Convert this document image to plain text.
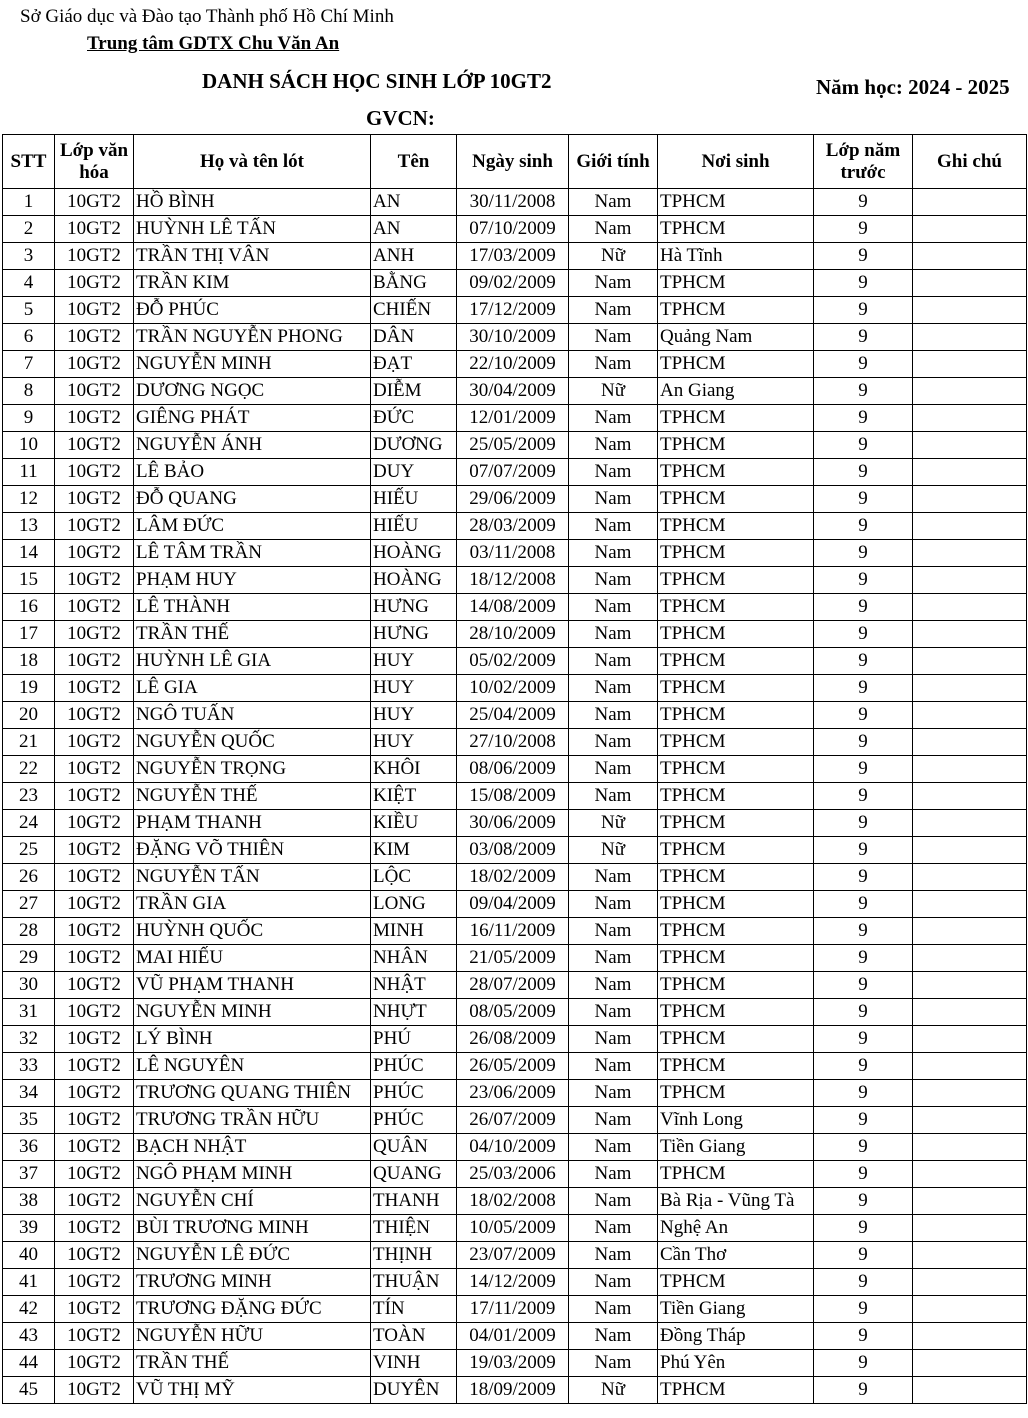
Sở Giáo dục và Đào tạo Thành phố Hồ Chí Minh
Trung tâm GDTX Chu Văn An
DANH SÁCH HỌC SINH LỚP 10GT2	Năm học: 2024 - 2025
GVCN:
STT	Lớp văn hóa	Họ và tên lót	Tên	Ngày sinh	Giới tính	Nơi sinh	Lớp năm trước	Ghi chú
1	10GT2	HỒ BÌNH	AN	30/11/2008	Nam	TPHCM	9	
2	10GT2	HUỲNH LÊ TẤN	AN	07/10/2009	Nam	TPHCM	9	
3	10GT2	TRẦN THỊ VÂN	ANH	17/03/2009	Nữ	Hà Tĩnh	9	
4	10GT2	TRẦN KIM	BẰNG	09/02/2009	Nam	TPHCM	9	
5	10GT2	ĐỖ PHÚC	CHIẾN	17/12/2009	Nam	TPHCM	9	
6	10GT2	TRẦN NGUYỄN PHONG	DÂN	30/10/2009	Nam	Quảng Nam	9	
7	10GT2	NGUYỄN MINH	ĐẠT	22/10/2009	Nam	TPHCM	9	
8	10GT2	DƯƠNG NGỌC	DIỄM	30/04/2009	Nữ	An Giang	9	
9	10GT2	GIÊNG PHÁT	ĐỨC	12/01/2009	Nam	TPHCM	9	
10	10GT2	NGUYỄN ÁNH	DƯƠNG	25/05/2009	Nam	TPHCM	9	
11	10GT2	LÊ BẢO	DUY	07/07/2009	Nam	TPHCM	9	
12	10GT2	ĐỖ QUANG	HIẾU	29/06/2009	Nam	TPHCM	9	
13	10GT2	LÂM ĐỨC	HIẾU	28/03/2009	Nam	TPHCM	9	
14	10GT2	LÊ TÂM TRẦN	HOÀNG	03/11/2008	Nam	TPHCM	9	
15	10GT2	PHẠM HUY	HOÀNG	18/12/2008	Nam	TPHCM	9	
16	10GT2	LÊ THÀNH	HƯNG	14/08/2009	Nam	TPHCM	9	
17	10GT2	TRẦN THẾ	HƯNG	28/10/2009	Nam	TPHCM	9	
18	10GT2	HUỲNH LÊ GIA	HUY	05/02/2009	Nam	TPHCM	9	
19	10GT2	LÊ GIA	HUY	10/02/2009	Nam	TPHCM	9	
20	10GT2	NGÔ TUẤN	HUY	25/04/2009	Nam	TPHCM	9	
21	10GT2	NGUYỄN QUỐC	HUY	27/10/2008	Nam	TPHCM	9	
22	10GT2	NGUYỄN TRỌNG	KHÔI	08/06/2009	Nam	TPHCM	9	
23	10GT2	NGUYỄN THẾ	KIỆT	15/08/2009	Nam	TPHCM	9	
24	10GT2	PHẠM THANH	KIỀU	30/06/2009	Nữ	TPHCM	9	
25	10GT2	ĐẶNG VÕ THIÊN	KIM	03/08/2009	Nữ	TPHCM	9	
26	10GT2	NGUYỄN TẤN	LỘC	18/02/2009	Nam	TPHCM	9	
27	10GT2	TRẦN GIA	LONG	09/04/2009	Nam	TPHCM	9	
28	10GT2	HUỲNH QUỐC	MINH	16/11/2009	Nam	TPHCM	9	
29	10GT2	MAI HIẾU	NHÂN	21/05/2009	Nam	TPHCM	9	
30	10GT2	VŨ PHẠM THANH	NHẬT	28/07/2009	Nam	TPHCM	9	
31	10GT2	NGUYỄN MINH	NHỰT	08/05/2009	Nam	TPHCM	9	
32	10GT2	LÝ BÌNH	PHÚ	26/08/2009	Nam	TPHCM	9	
33	10GT2	LÊ NGUYÊN	PHÚC	26/05/2009	Nam	TPHCM	9	
34	10GT2	TRƯƠNG QUANG THIÊN	PHÚC	23/06/2009	Nam	TPHCM	9	
35	10GT2	TRƯƠNG TRẦN HỮU	PHÚC	26/07/2009	Nam	Vĩnh Long	9	
36	10GT2	BẠCH NHẬT	QUÂN	04/10/2009	Nam	Tiền Giang	9	
37	10GT2	NGÔ PHẠM MINH	QUANG	25/03/2006	Nam	TPHCM	9	
38	10GT2	NGUYỄN CHÍ	THANH	18/02/2008	Nam	Bà Rịa - Vũng Tà	9	
39	10GT2	BÙI TRƯƠNG MINH	THIỆN	10/05/2009	Nam	Nghệ An	9	
40	10GT2	NGUYỄN LÊ ĐỨC	THỊNH	23/07/2009	Nam	Cần Thơ	9	
41	10GT2	TRƯƠNG MINH	THUẬN	14/12/2009	Nam	TPHCM	9	
42	10GT2	TRƯƠNG ĐẶNG ĐỨC	TÍN	17/11/2009	Nam	Tiền Giang	9	
43	10GT2	NGUYỄN HỮU	TOÀN	04/01/2009	Nam	Đồng Tháp	9	
44	10GT2	TRẦN THẾ	VINH	19/03/2009	Nam	Phú Yên	9	
45	10GT2	VŨ THỊ MỸ	DUYÊN	18/09/2009	Nữ	TPHCM	9	
